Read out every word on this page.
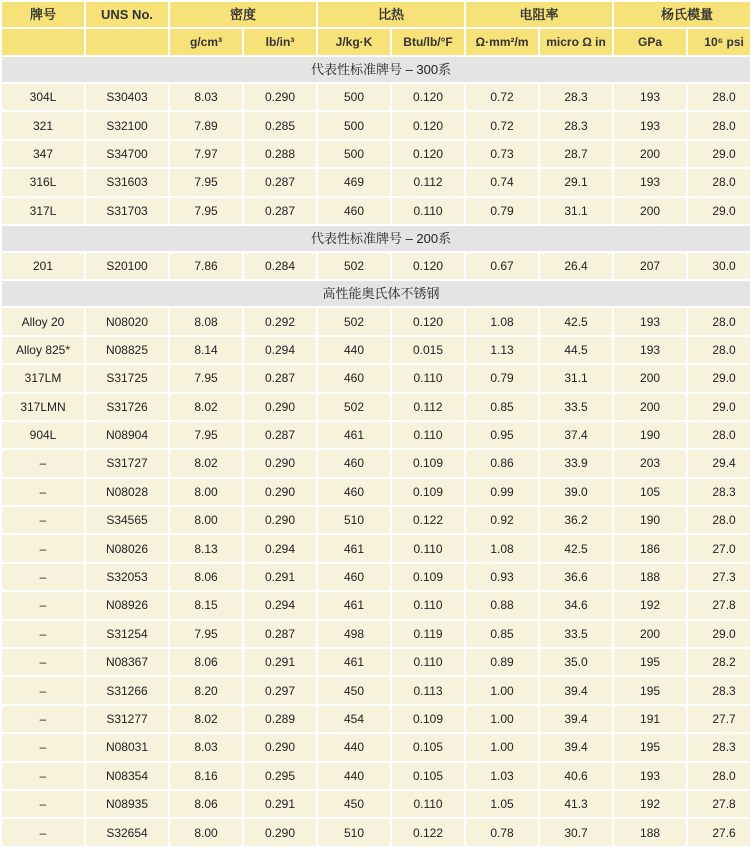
牌号	UNS No.	密度		比热		电阻率		杨氏模量	
		g/cm³	lb/in³	J/kg·K	Btu/lb/°F	Ω·mm²/m	micro Ω in	GPa	10⁶ psi
代表性标准牌号 – 300系									
304L	S30403	8.03	0.290	500	0.120	0.72	28.3	193	28.0
321	S32100	7.89	0.285	500	0.120	0.72	28.3	193	28.0
347	S34700	7.97	0.288	500	0.120	0.73	28.7	200	29.0
316L	S31603	7.95	0.287	469	0.112	0.74	29.1	193	28.0
317L	S31703	7.95	0.287	460	0.110	0.79	31.1	200	29.0
代表性标准牌号 – 200系									
201	S20100	7.86	0.284	502	0.120	0.67	26.4	207	30.0
高性能奥氏体不锈钢									
Alloy 20	N08020	8.08	0.292	502	0.120	1.08	42.5	193	28.0
Alloy 825*	N08825	8.14	0.294	440	0.015	1.13	44.5	193	28.0
317LM	S31725	7.95	0.287	460	0.110	0.79	31.1	200	29.0
317LMN	S31726	8.02	0.290	502	0.112	0.85	33.5	200	29.0
904L	N08904	7.95	0.287	461	0.110	0.95	37.4	190	28.0
–	S31727	8.02	0.290	460	0.109	0.86	33.9	203	29.4
–	N08028	8.00	0.290	460	0.109	0.99	39.0	105	28.3
–	S34565	8.00	0.290	510	0.122	0.92	36.2	190	28.0
–	N08026	8.13	0.294	461	0.110	1.08	42.5	186	27.0
–	S32053	8.06	0.291	460	0.109	0.93	36.6	188	27.3
–	N08926	8.15	0.294	461	0.110	0.88	34.6	192	27.8
–	S31254	7.95	0.287	498	0.119	0.85	33.5	200	29.0
–	N08367	8.06	0.291	461	0.110	0.89	35.0	195	28.2
–	S31266	8.20	0.297	450	0.113	1.00	39.4	195	28.3
–	S31277	8.02	0.289	454	0.109	1.00	39.4	191	27.7
–	N08031	8.03	0.290	440	0.105	1.00	39.4	195	28.3
–	N08354	8.16	0.295	440	0.105	1.03	40.6	193	28.0
–	N08935	8.06	0.291	450	0.110	1.05	41.3	192	27.8
–	S32654	8.00	0.290	510	0.122	0.78	30.7	188	27.6
